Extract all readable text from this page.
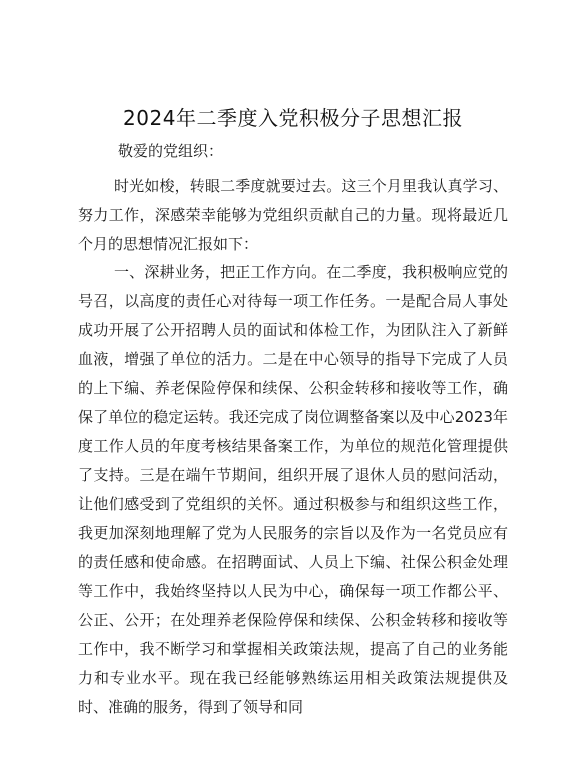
2024年二季度入党积极分子思想汇报

敬爱的党组织：

时光如梭，转眼二季度就要过去。这三个月里我认真学习、努力工作，深感荣幸能够为党组织贡献自己的力量。现将最近几个月的思想情况汇报如下：

一、深耕业务，把正工作方向。在二季度，我积极响应党的号召，以高度的责任心对待每一项工作任务。一是配合局人事处成功开展了公开招聘人员的面试和体检工作，为团队注入了新鲜血液，增强了单位的活力。二是在中心领导的指导下完成了人员的上下编、养老保险停保和续保、公积金转移和接收等工作，确保了单位的稳定运转。我还完成了岗位调整备案以及中心2023年度工作人员的年度考核结果备案工作，为单位的规范化管理提供了支持。三是在端午节期间，组织开展了退休人员的慰问活动，让他们感受到了党组织的关怀。通过积极参与和组织这些工作，我更加深刻地理解了党为人民服务的宗旨以及作为一名党员应有的责任感和使命感。在招聘面试、人员上下编、社保公积金处理等工作中，我始终坚持以人民为中心，确保每一项工作都公平、公正、公开；在处理养老保险停保和续保、公积金转移和接收等工作中，我不断学习和掌握相关政策法规，提高了自己的业务能力和专业水平。现在我已经能够熟练运用相关政策法规提供及时、准确的服务，得到了领导和同
